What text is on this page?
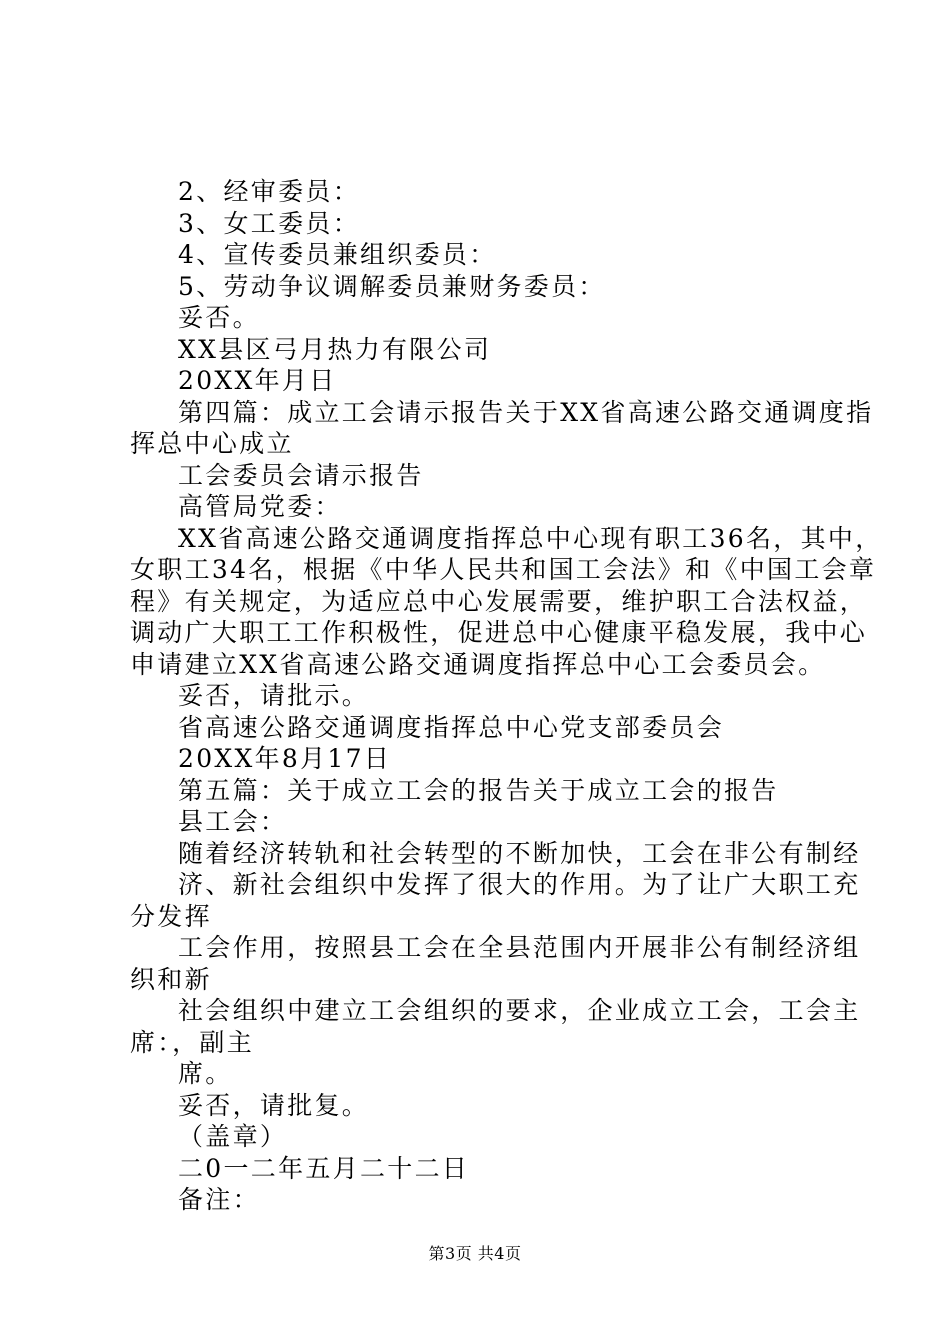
2、经审委员：
3、女工委员：
4、宣传委员兼组织委员：
5、劳动争议调解委员兼财务委员：
妥否。
XX县区弓月热力有限公司
20XX年月日
第四篇：成立工会请示报告关于XX省高速公路交通调度指
挥总中心成立
工会委员会请示报告
高管局党委：
XX省高速公路交通调度指挥总中心现有职工36名，其中，
女职工34名，根据《中华人民共和国工会法》和《中国工会章
程》有关规定，为适应总中心发展需要，维护职工合法权益，
调动广大职工工作积极性，促进总中心健康平稳发展，我中心
申请建立XX省高速公路交通调度指挥总中心工会委员会。
妥否，请批示。
省高速公路交通调度指挥总中心党支部委员会
20XX年8月17日
第五篇：关于成立工会的报告关于成立工会的报告
县工会：
随着经济转轨和社会转型的不断加快，工会在非公有制经
济、新社会组织中发挥了很大的作用。为了让广大职工充
分发挥
工会作用，按照县工会在全县范围内开展非公有制经济组
织和新
社会组织中建立工会组织的要求，企业成立工会，工会主
席：，副主
席。
妥否，请批复。
（盖章）
二0一二年五月二十二日
备注：
第3页 共4页
